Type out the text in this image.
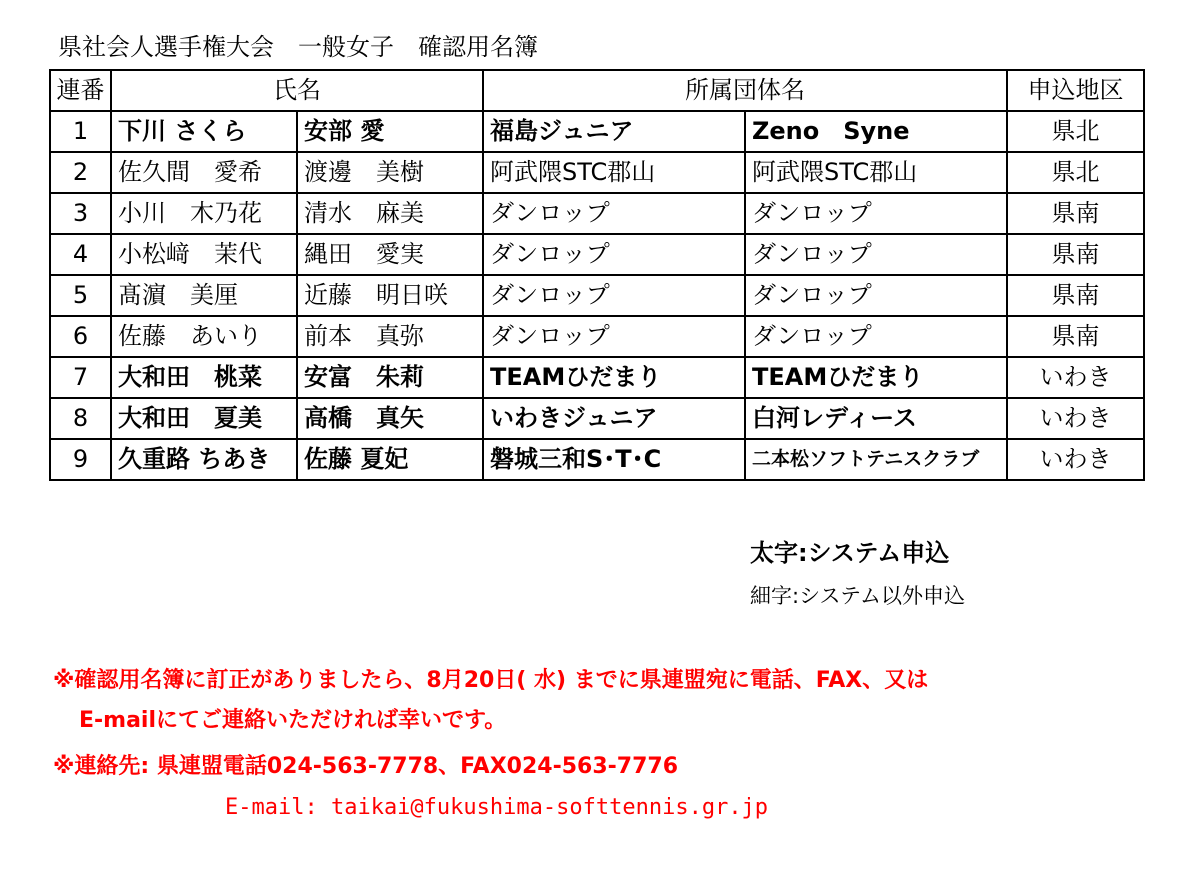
県社会人選手権大会　一般女子　確認用名簿
連番	氏名		所属団体名		申込地区
1	下川 さくら	安部 愛	福島ジュニア	Zeno　Syne	県北
2	佐久間　愛希	渡邊　美樹	阿武隈STC郡山	阿武隈STC郡山	県北
3	小川　木乃花	清水　麻美	ダンロップ	ダンロップ	県南
4	小松﨑　茉代	縄田　愛実	ダンロップ	ダンロップ	県南
5	髙濵　美厘	近藤　明日咲	ダンロップ	ダンロップ	県南
6	佐藤　あいり	前本　真弥	ダンロップ	ダンロップ	県南
7	大和田　桃菜	安富　朱莉	TEAMひだまり	TEAMひだまり	いわき
8	大和田　夏美	高橋　真矢	いわきジュニア	白河レディース	いわき
9	久重路 ちあき	佐藤 夏妃	磐城三和S･T･C	二本松ソフトテニスクラブ	いわき
太字:システム申込
細字:システム以外申込
※確認用名簿に訂正がありましたら、8月20日( 水) までに県連盟宛に電話、FAX、又は
E-mailにてご連絡いただければ幸いです。
※連絡先: 県連盟電話024-563-7778、FAX024-563-7776
E-mail: taikai@fukushima-softtennis.gr.jp
